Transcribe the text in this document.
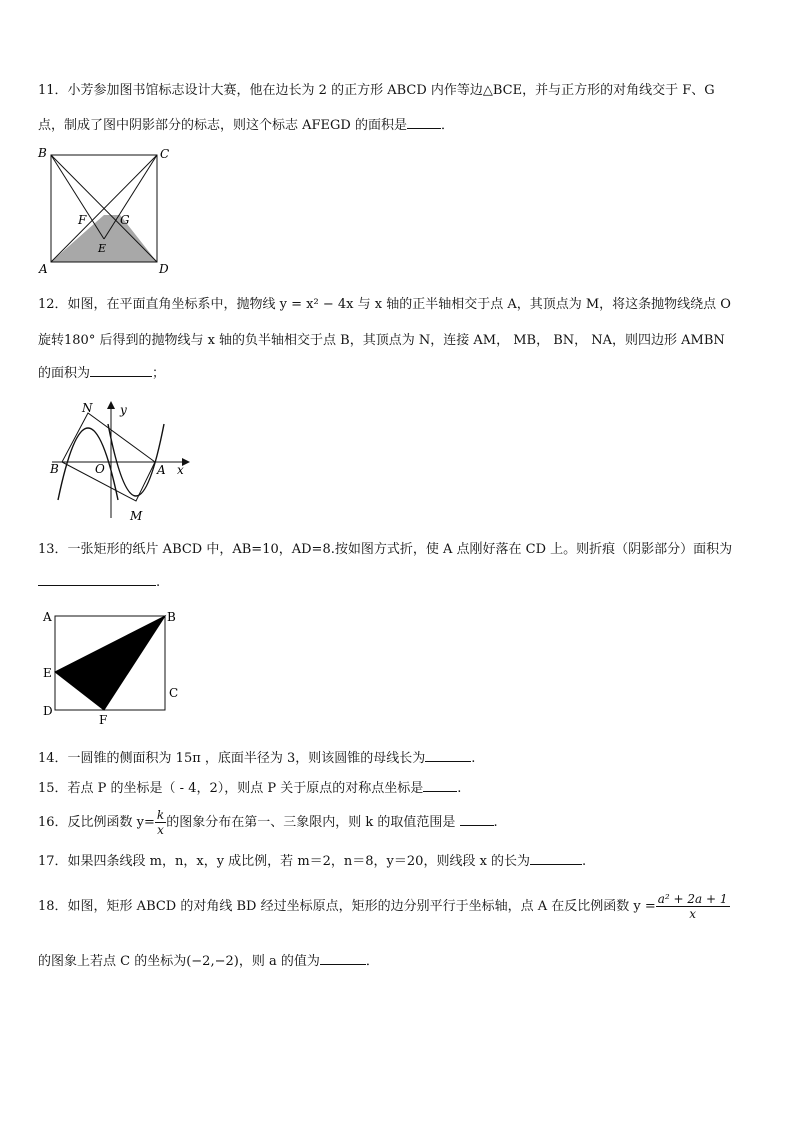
11．小芳参加图书馆标志设计大赛，他在边长为 2 的正方形 ABCD 内作等边△BCE，并与正方形的对角线交于 F、G
点，制成了图中阴影部分的标志，则这个标志 AFEGD 的面积是	．
B	C
A	D
F	G
E
12．如图，在平面直角坐标系中，抛物线 y = x² − 4x 与 x 轴的正半轴相交于点 A，其顶点为 M，将这条抛物线绕点 O
旋转180° 后得到的抛物线与 x 轴的负半轴相交于点 B，其顶点为 N，连接 AM， MB， BN， NA，则四边形 AMBN
的面积为	；
N y
B	O	A x
M
13．一张矩形的纸片 ABCD 中，AB=10，AD=8.按如图方式折，使 A 点刚好落在 CD 上。则折痕（阴影部分）面积为
.
A	B
E
C
D
F
14．一圆锥的侧面积为 15π ，底面半径为 3，则该圆锥的母线长为	.
15．若点 P 的坐标是（ - 4，2），则点 P 关于原点的对称点坐标是	.
16．反比例函数 $y= \frac{k}{x}$ 的图象分布在第一、三象限内，则 k 的取值范围是	.
17．如果四条线段 m，n，x，y 成比例，若 m＝2，n＝8，y＝20，则线段 x 的长为	.
18．如图，矩形 ABCD 的对角线 BD 经过坐标原点，矩形的边分别平行于坐标轴，点 A 在反比例函数 $y = \frac{\text{a² + 2a + 1}}{x}$
的图象上若点 C 的坐标为(−2,−2)，则 a 的值为	．
